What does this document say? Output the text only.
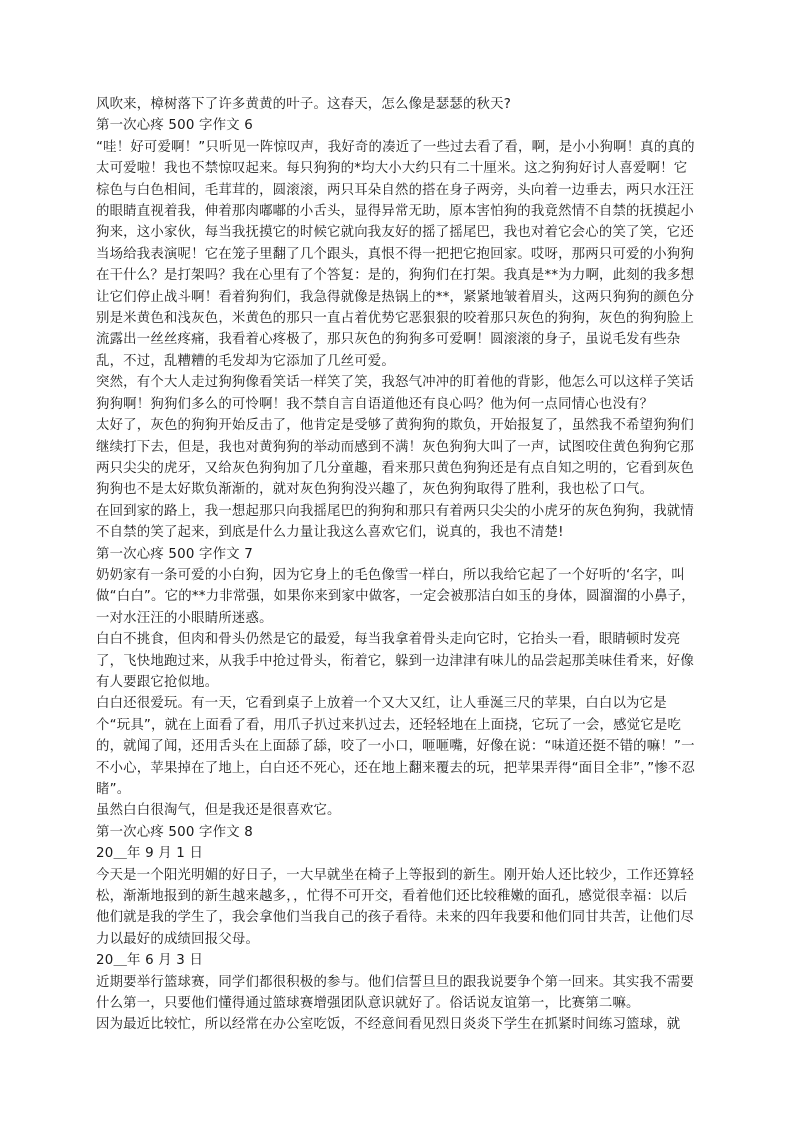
风吹来，樟树落下了许多黄黄的叶子。这春天，怎么像是瑟瑟的秋天?

第一次心疼 500 字作文 6

“哇！好可爱啊！”只听见一阵惊叹声，我好奇的凑近了一些过去看了看，啊，是小小狗啊！真的真的太可爱啦！我也不禁惊叹起来。每只狗狗的*均大小大约只有二十厘米。这之狗狗好讨人喜爱啊！它棕色与白色相间，毛茸茸的，圆滚滚，两只耳朵自然的搭在身子两旁，头向着一边垂去，两只水汪汪的眼睛直视着我，伸着那肉嘟嘟的小舌头，显得异常无助，原本害怕狗的我竟然情不自禁的抚摸起小狗来，这小家伙，每当我抚摸它的时候它就向我友好的摇了摇尾巴，我也对着它会心的笑了笑，它还当场给我表演呢！它在笼子里翻了几个跟头，真恨不得一把把它抱回家。哎呀，那两只可爱的小狗狗在干什么？是打架吗？我在心里有了个答复：是的，狗狗们在打架。我真是**为力啊，此刻的我多想让它们停止战斗啊！看着狗狗们，我急得就像是热锅上的**，紧紧地皱着眉头，这两只狗狗的颜色分别是米黄色和浅灰色，米黄色的那只一直占着优势它恶狠狠的咬着那只灰色的狗狗，灰色的狗狗脸上流露出一丝丝疼痛，我看着心疼极了，那只灰色的狗狗多可爱啊！圆滚滚的身子，虽说毛发有些杂乱，不过，乱糟糟的毛发却为它添加了几丝可爱。

突然，有个大人走过狗狗像看笑话一样笑了笑，我怒气冲冲的盯着他的背影，他怎么可以这样子笑话狗狗啊！狗狗们多么的可怜啊！我不禁自言自语道他还有良心吗？他为何一点同情心也没有？

太好了，灰色的狗狗开始反击了，他肯定是受够了黄狗狗的欺负，开始报复了，虽然我不希望狗狗们继续打下去，但是，我也对黄狗狗的举动而感到不满！灰色狗狗大叫了一声，试图咬住黄色狗狗它那两只尖尖的虎牙，又给灰色狗狗加了几分童趣，看来那只黄色狗狗还是有点自知之明的，它看到灰色狗狗也不是太好欺负渐渐的，就对灰色狗狗没兴趣了，灰色狗狗取得了胜利，我也松了口气。

在回到家的路上，我一想起那只向我摇尾巴的狗狗和那只有着两只尖尖的小虎牙的灰色狗狗，我就情不自禁的笑了起来，到底是什么力量让我这么喜欢它们，说真的，我也不清楚!

第一次心疼 500 字作文 7

奶奶家有一条可爱的小白狗，因为它身上的毛色像雪一样白，所以我给它起了一个好听的‘名字，叫做“白白”。它的**力非常强，如果你来到家中做客，一定会被那洁白如玉的身体，圆溜溜的小鼻子，一对水汪汪的小眼睛所迷惑。

白白不挑食，但肉和骨头仍然是它的最爱，每当我拿着骨头走向它时，它抬头一看，眼睛顿时发亮了，飞快地跑过来，从我手中抢过骨头，衔着它，躲到一边津津有味儿的品尝起那美味佳肴来，好像有人要跟它抢似地。

白白还很爱玩。有一天，它看到桌子上放着一个又大又红，让人垂涎三尺的苹果，白白以为它是个“玩具”，就在上面看了看，用爪子扒过来扒过去，还轻轻地在上面挠，它玩了一会，感觉它是吃的，就闻了闻，还用舌头在上面舔了舔，咬了一小口，咂咂嘴，好像在说：“味道还挺不错的嘛！”一不小心，苹果掉在了地上，白白还不死心，还在地上翻来覆去的玩，把苹果弄得“面目全非”，”惨不忍睹”。

虽然白白很淘气，但是我还是很喜欢它。

第一次心疼 500 字作文 8

20＿年 9 月 1 日

今天是一个阳光明媚的好日子，一大早就坐在椅子上等报到的新生。刚开始人还比较少，工作还算轻松，渐渐地报到的新生越来越多，，忙得不可开交，看着他们还比较稚嫩的面孔，感觉很幸福：以后他们就是我的学生了，我会拿他们当我自己的孩子看待。未来的四年我要和他们同甘共苦，让他们尽力以最好的成绩回报父母。

20＿年 6 月 3 日

近期要举行篮球赛，同学们都很积极的参与。他们信誓旦旦的跟我说要争个第一回来。其实我不需要什么第一，只要他们懂得通过篮球赛增强团队意识就好了。俗话说友谊第一，比赛第二嘛。

因为最近比较忙，所以经常在办公室吃饭，不经意间看见烈日炎炎下学生在抓紧时间练习篮球，就
